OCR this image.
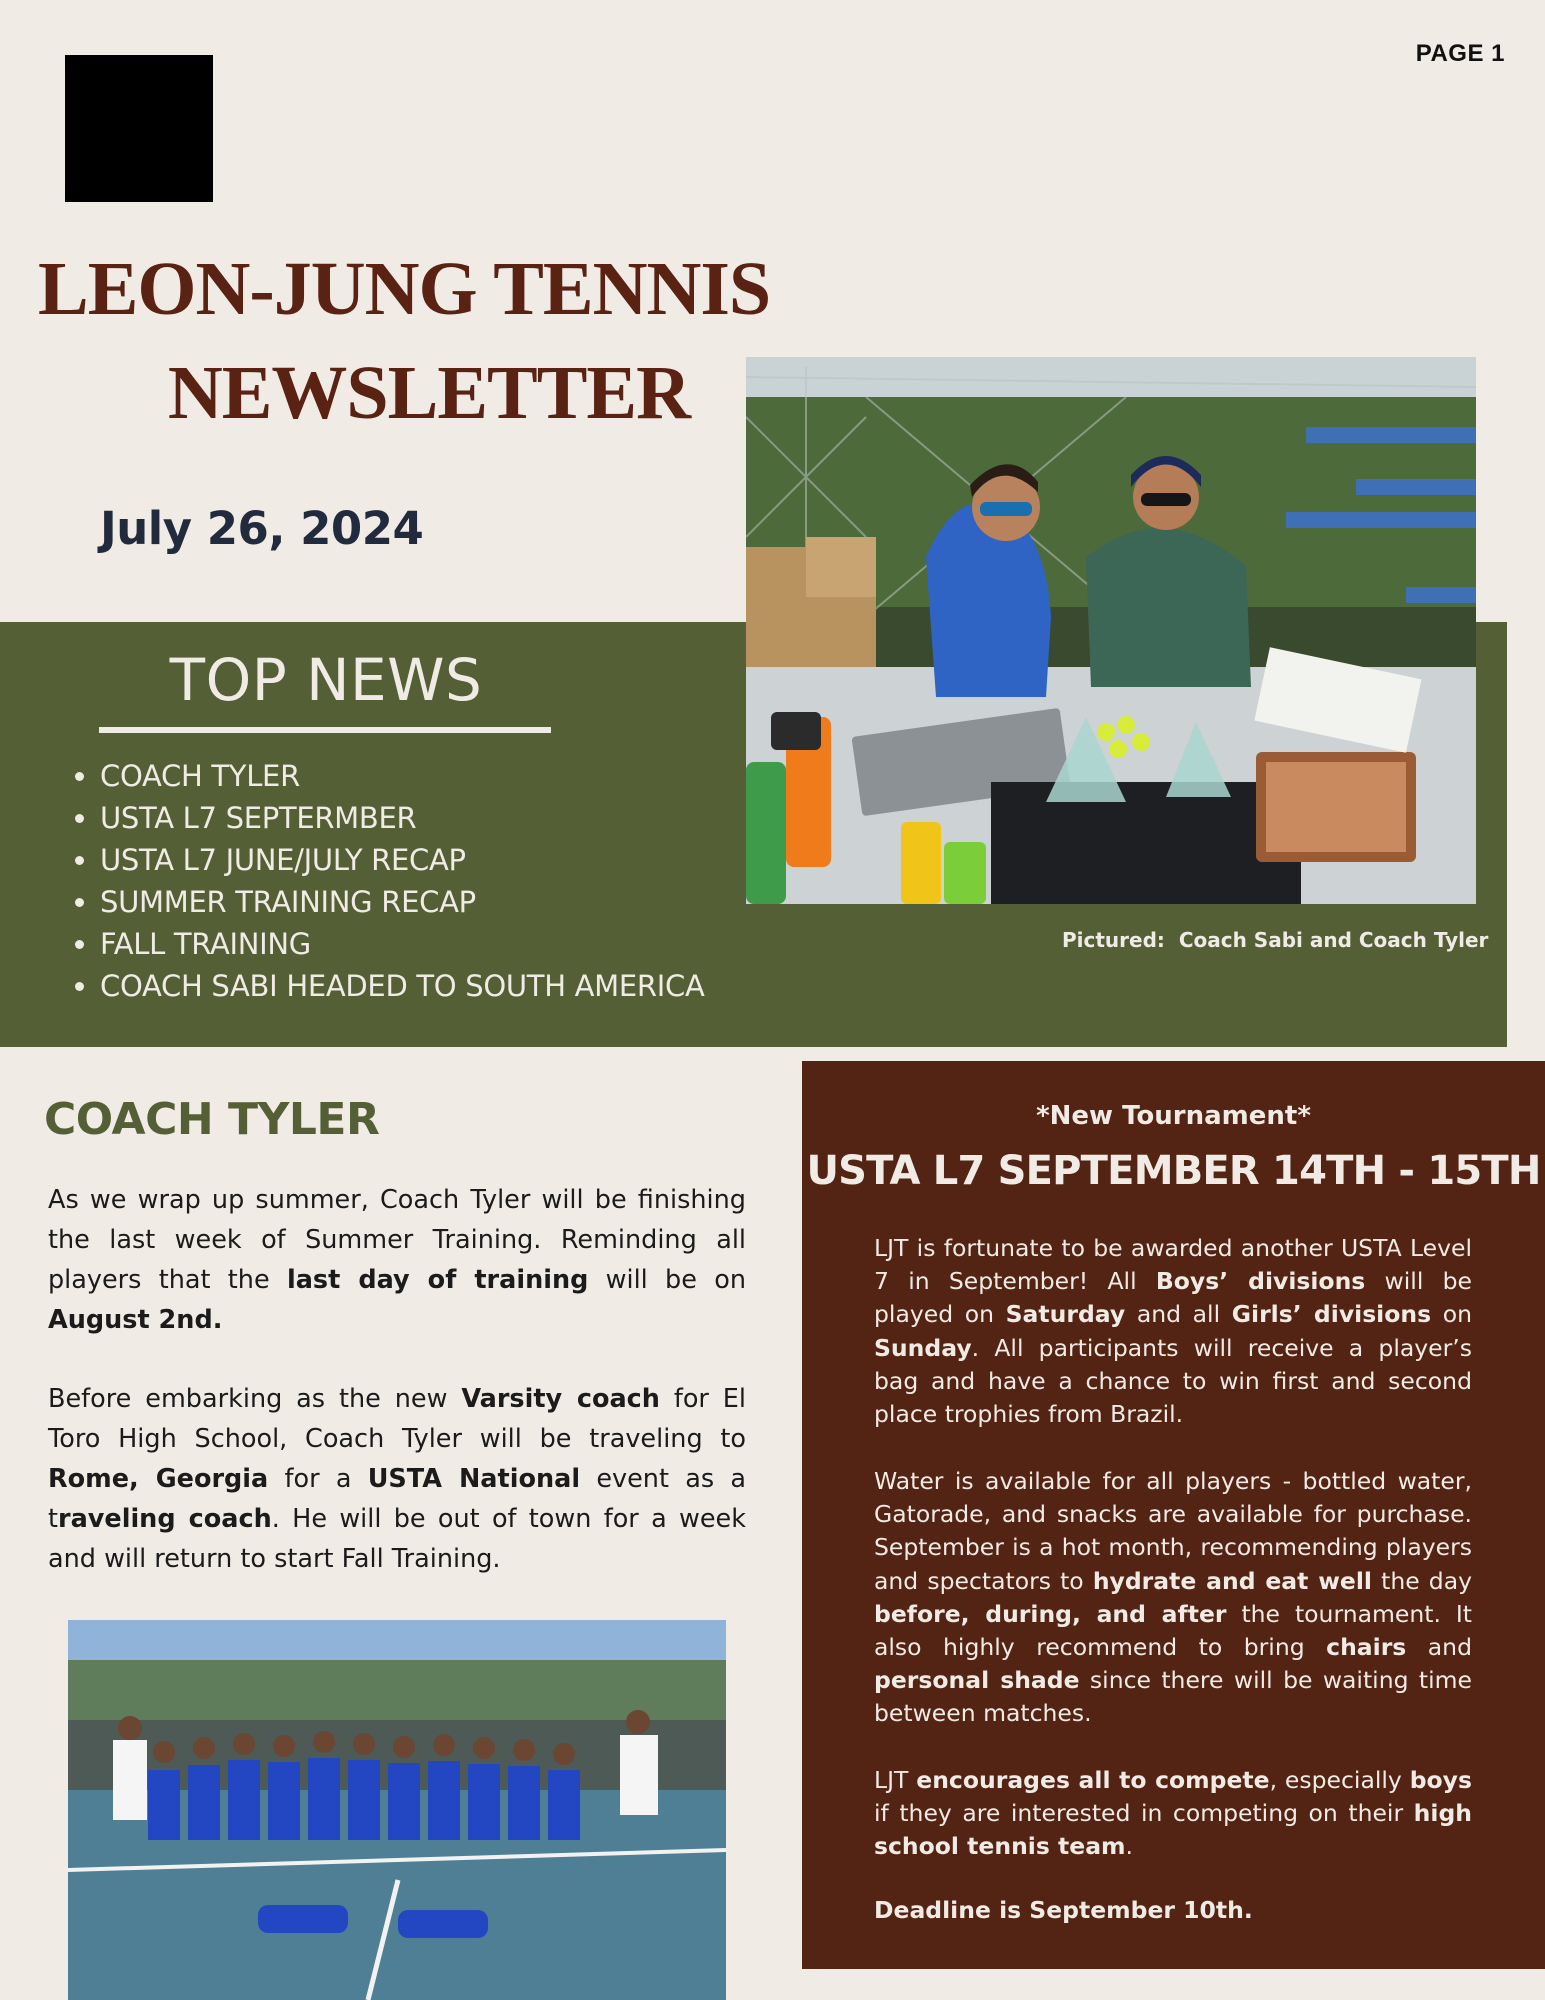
PAGE 1
LEON-JUNG TENNIS
NEWSLETTER
July 26, 2024
TOP NEWS
• COACH TYLER
• USTA L7 SEPTERMBER
• USTA L7 JUNE/JULY RECAP
• SUMMER TRAINING RECAP
• FALL TRAINING
• COACH SABI HEADED TO SOUTH AMERICA
Pictured:  Coach Sabi and Coach Tyler
COACH TYLER

As we wrap up summer, Coach Tyler will be finishing the last week of Summer Training. Reminding all players that the last day of training will be on August 2nd.

Before embarking as the new Varsity coach for El Toro High School, Coach Tyler will be traveling to Rome, Georgia for a USTA National event as a traveling coach. He will be out of town for a week and will return to start Fall Training.

*New Tournament*
USTA L7 SEPTEMBER 14TH - 15TH

LJT is fortunate to be awarded another USTA Level 7 in September! All Boys’ divisions will be played on Saturday and all Girls’ divisions on Sunday. All participants will receive a player’s bag and have a chance to win first and second place trophies from Brazil.

Water is available for all players - bottled water, Gatorade, and snacks are available for purchase. September is a hot month, recommending players and spectators to hydrate and eat well the day before, during, and after the tournament. It also highly recommend to bring chairs and personal shade since there will be waiting time between matches.

LJT encourages all to compete, especially boys if they are interested in competing on their high school tennis team.

Deadline is September 10th.
